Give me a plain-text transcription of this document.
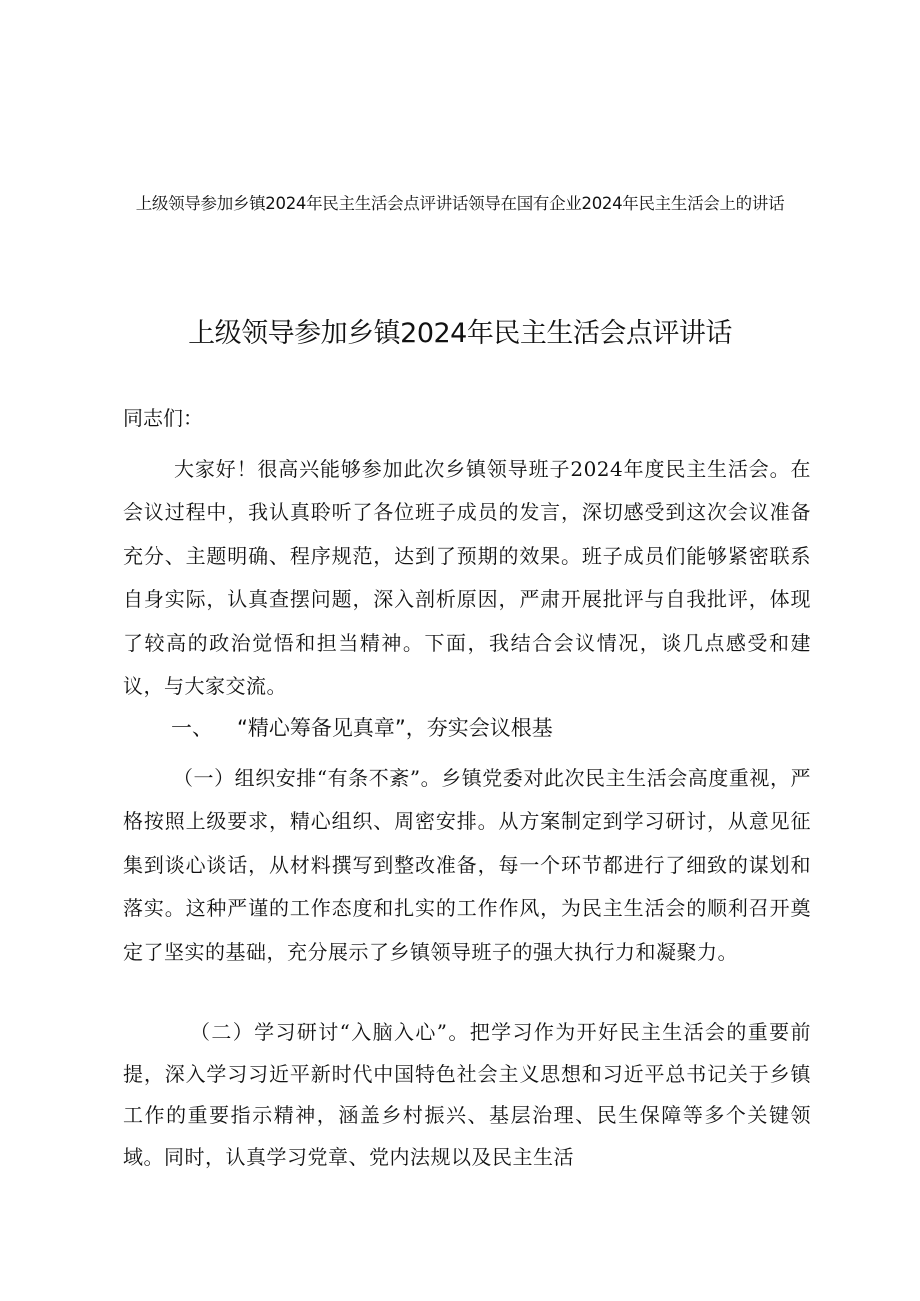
上级领导参加乡镇2024年民主生活会点评讲话领导在国有企业2024年民主生活会上的讲话
上级领导参加乡镇2024年民主生活会点评讲话
同志们：
大家好！很高兴能够参加此次乡镇领导班子2024年度民主生活会。在会议过程中，我认真聆听了各位班子成员的发言，深切感受到这次会议准备充分、主题明确、程序规范，达到了预期的效果。班子成员们能够紧密联系自身实际，认真查摆问题，深入剖析原因，严肃开展批评与自我批评，体现了较高的政治觉悟和担当精神。下面，我结合会议情况，谈几点感受和建议，与大家交流。
一、 “精心筹备见真章”，夯实会议根基
（一）组织安排“有条不紊”。乡镇党委对此次民主生活会高度重视，严格按照上级要求，精心组织、周密安排。从方案制定到学习研讨，从意见征集到谈心谈话，从材料撰写到整改准备，每一个环节都进行了细致的谋划和落实。这种严谨的工作态度和扎实的工作作风，为民主生活会的顺利召开奠定了坚实的基础，充分展示了乡镇领导班子的强大执行力和凝聚力。
（二）学习研讨“入脑入心”。把学习作为开好民主生活会的重要前提，深入学习习近平新时代中国特色社会主义思想和习近平总书记关于乡镇工作的重要指示精神，涵盖乡村振兴、基层治理、民生保障等多个关键领域。同时，认真学习党章、党内法规以及民主生活
